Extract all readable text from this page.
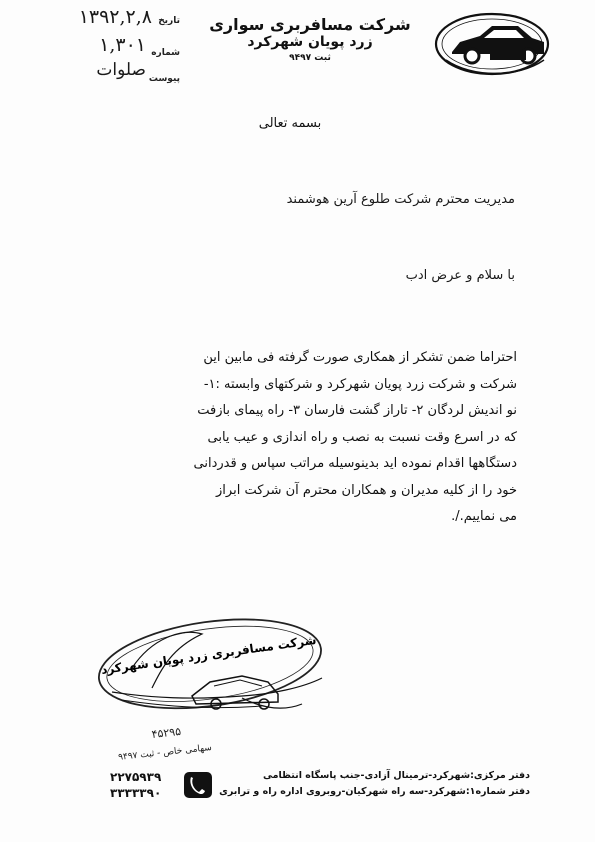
تاریخ
۱۳۹۲,۲,۸
شماره
۱,۳۰۱
پیوست
صلوات
شرکت مسافربری سواری
زرد پویان شهرکرد
ثبت ۹۴۹۷
بسمه تعالی
مدیریت محترم شرکت طلوع آرین هوشمند
با سلام و عرض ادب
احتراما ضمن تشکر از همکاری صورت گرفته فی مابین این
شرکت و شرکت زرد پویان شهرکرد و شرکتهای وابسته :۱-
نو اندیش لردگان ۲- تاراز گشت فارسان ۳- راه پیمای بازفت
که در اسرع وقت نسبت به نصب و راه اندازی و عیب یابی
دستگاهها اقدام نموده اید بدینوسیله مراتب سپاس و قدردانی
خود را از کلیه مدیران و همکاران محترم آن شرکت ابراز
می نماییم./.
شرکت مسافربری زرد پویان شهرکرد
۴۵۲۹۵
سهامی خاص - ثبت ۹۴۹۷
دفتر مرکزی:شهرکرد-ترمینال آزادی-جنب پاسگاه انتظامی
دفتر شماره۱:شهرکرد-سه راه شهرکیان-روبروی اداره راه و ترابری
۲۲۷۵۹۳۹
۳۳۳۳۳۹۰
